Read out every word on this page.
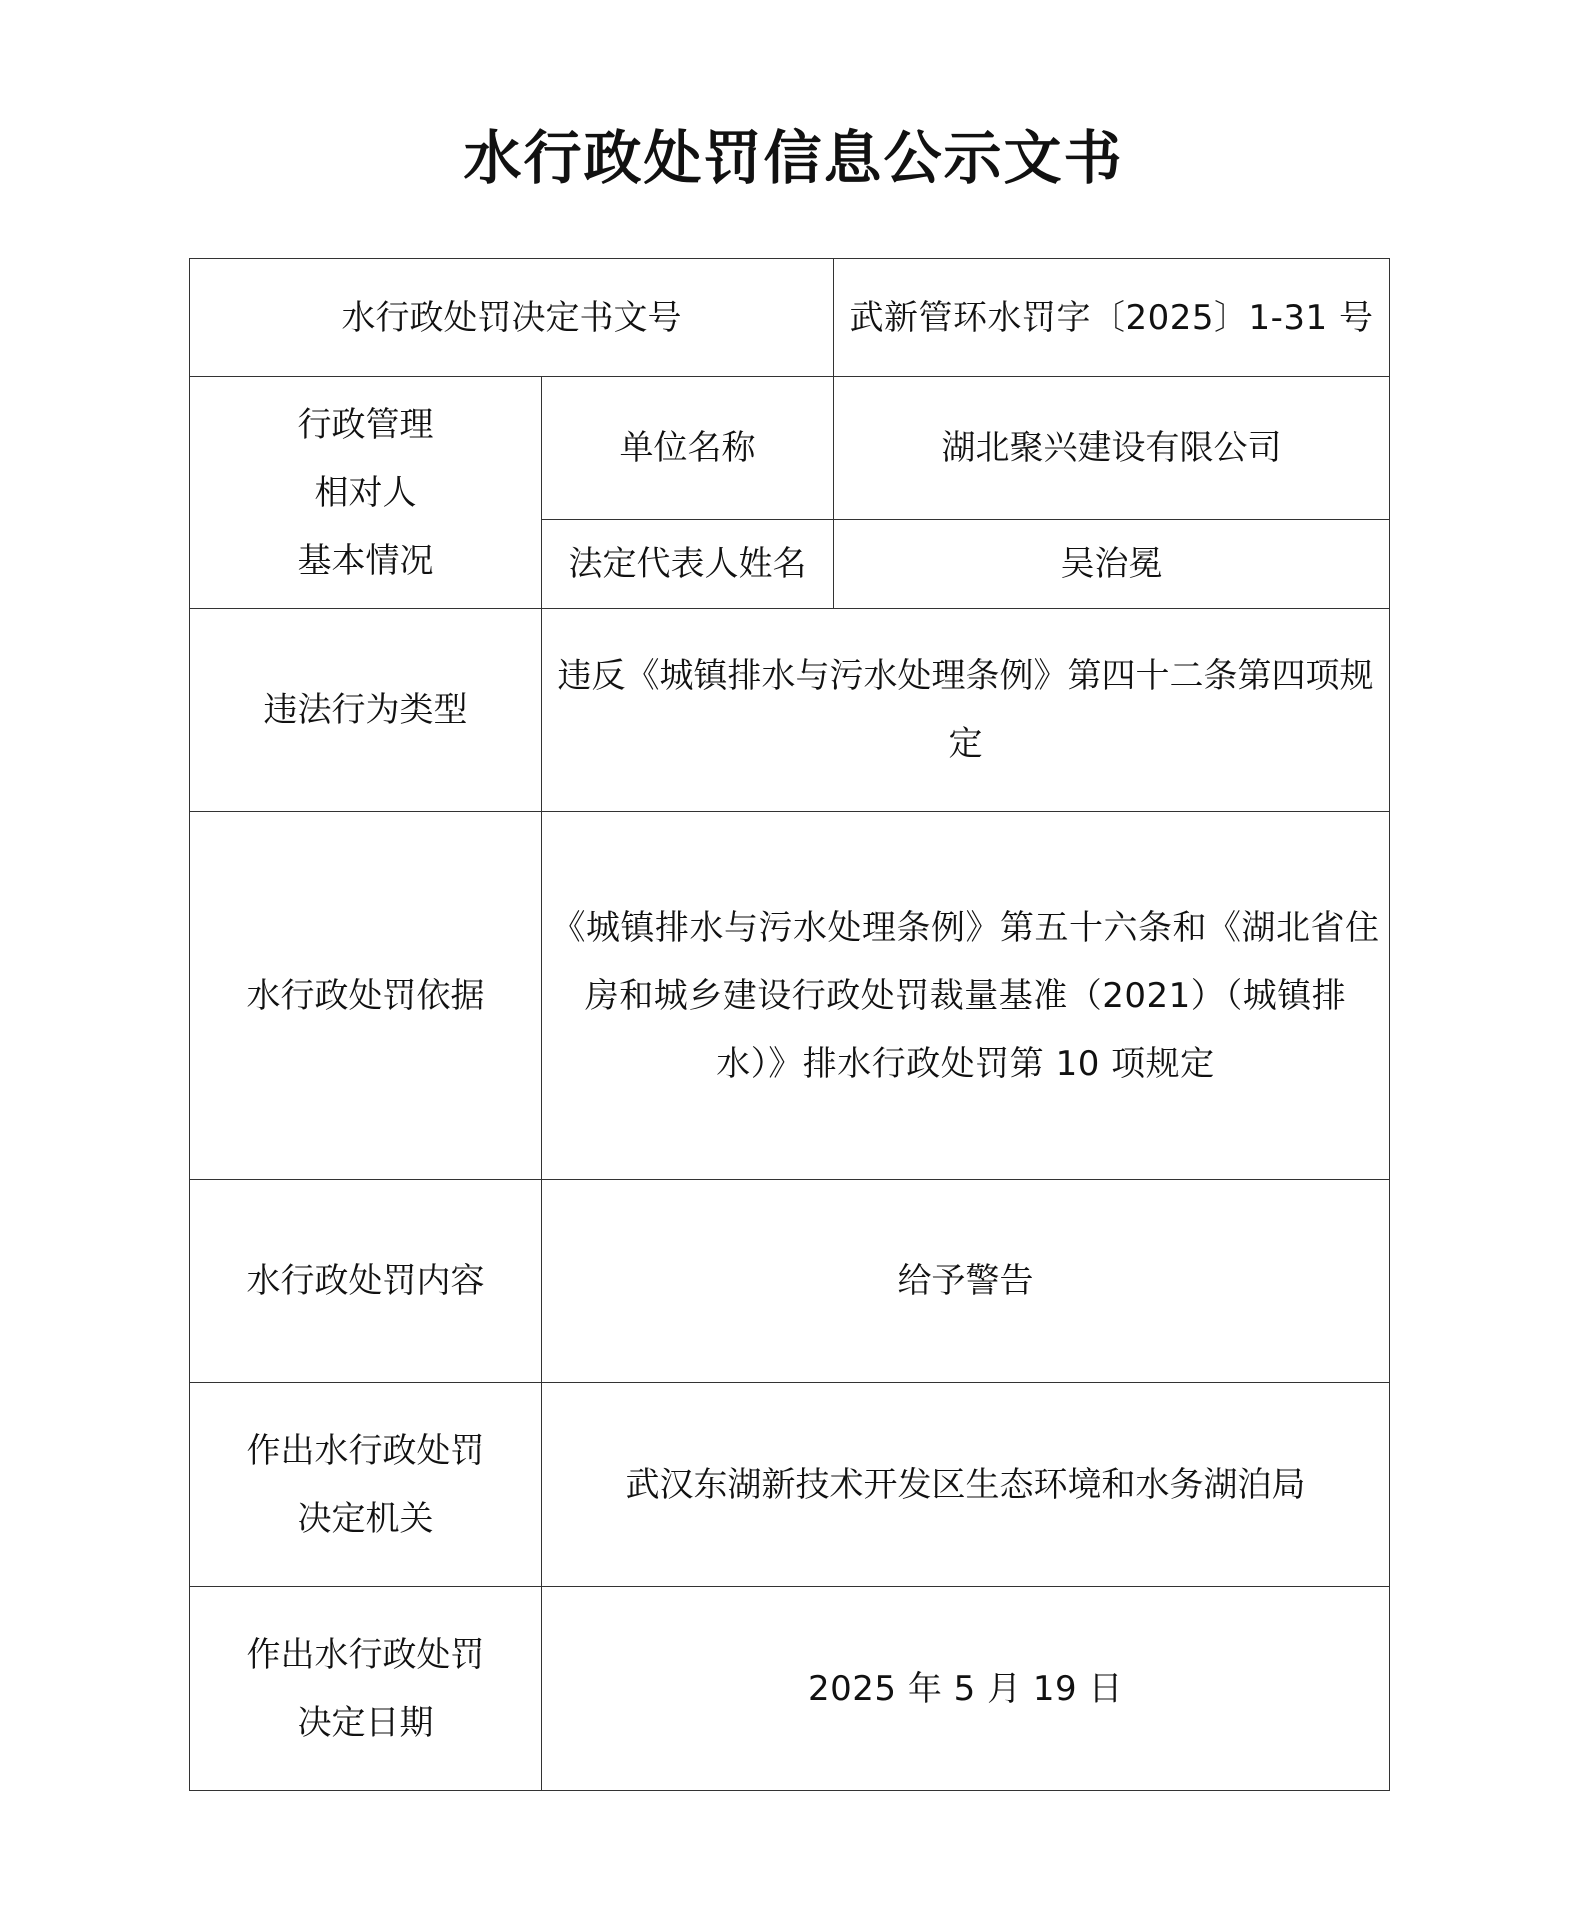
水行政处罚信息公示文书
水行政处罚决定书文号		武新管环水罚字〔2025〕1-31 号

行政管理
相对人
基本情况	单位名称	湖北聚兴建设有限公司
	法定代表人姓名	吴治冕
违法行为类型	违反《城镇排水与污水处理条例》第四十二条第四项规定	
水行政处罚依据	《城镇排水与污水处理条例》第五十六条和《湖北省住房和城乡建设行政处罚裁量基准（2021）（城镇排水）》排水行政处罚第 10 项规定	
水行政处罚内容	给予警告	

作出水行政处罚
决定机关	武汉东湖新技术开发区生态环境和水务湖泊局	

作出水行政处罚
决定日期	2025 年 5 月 19 日	
